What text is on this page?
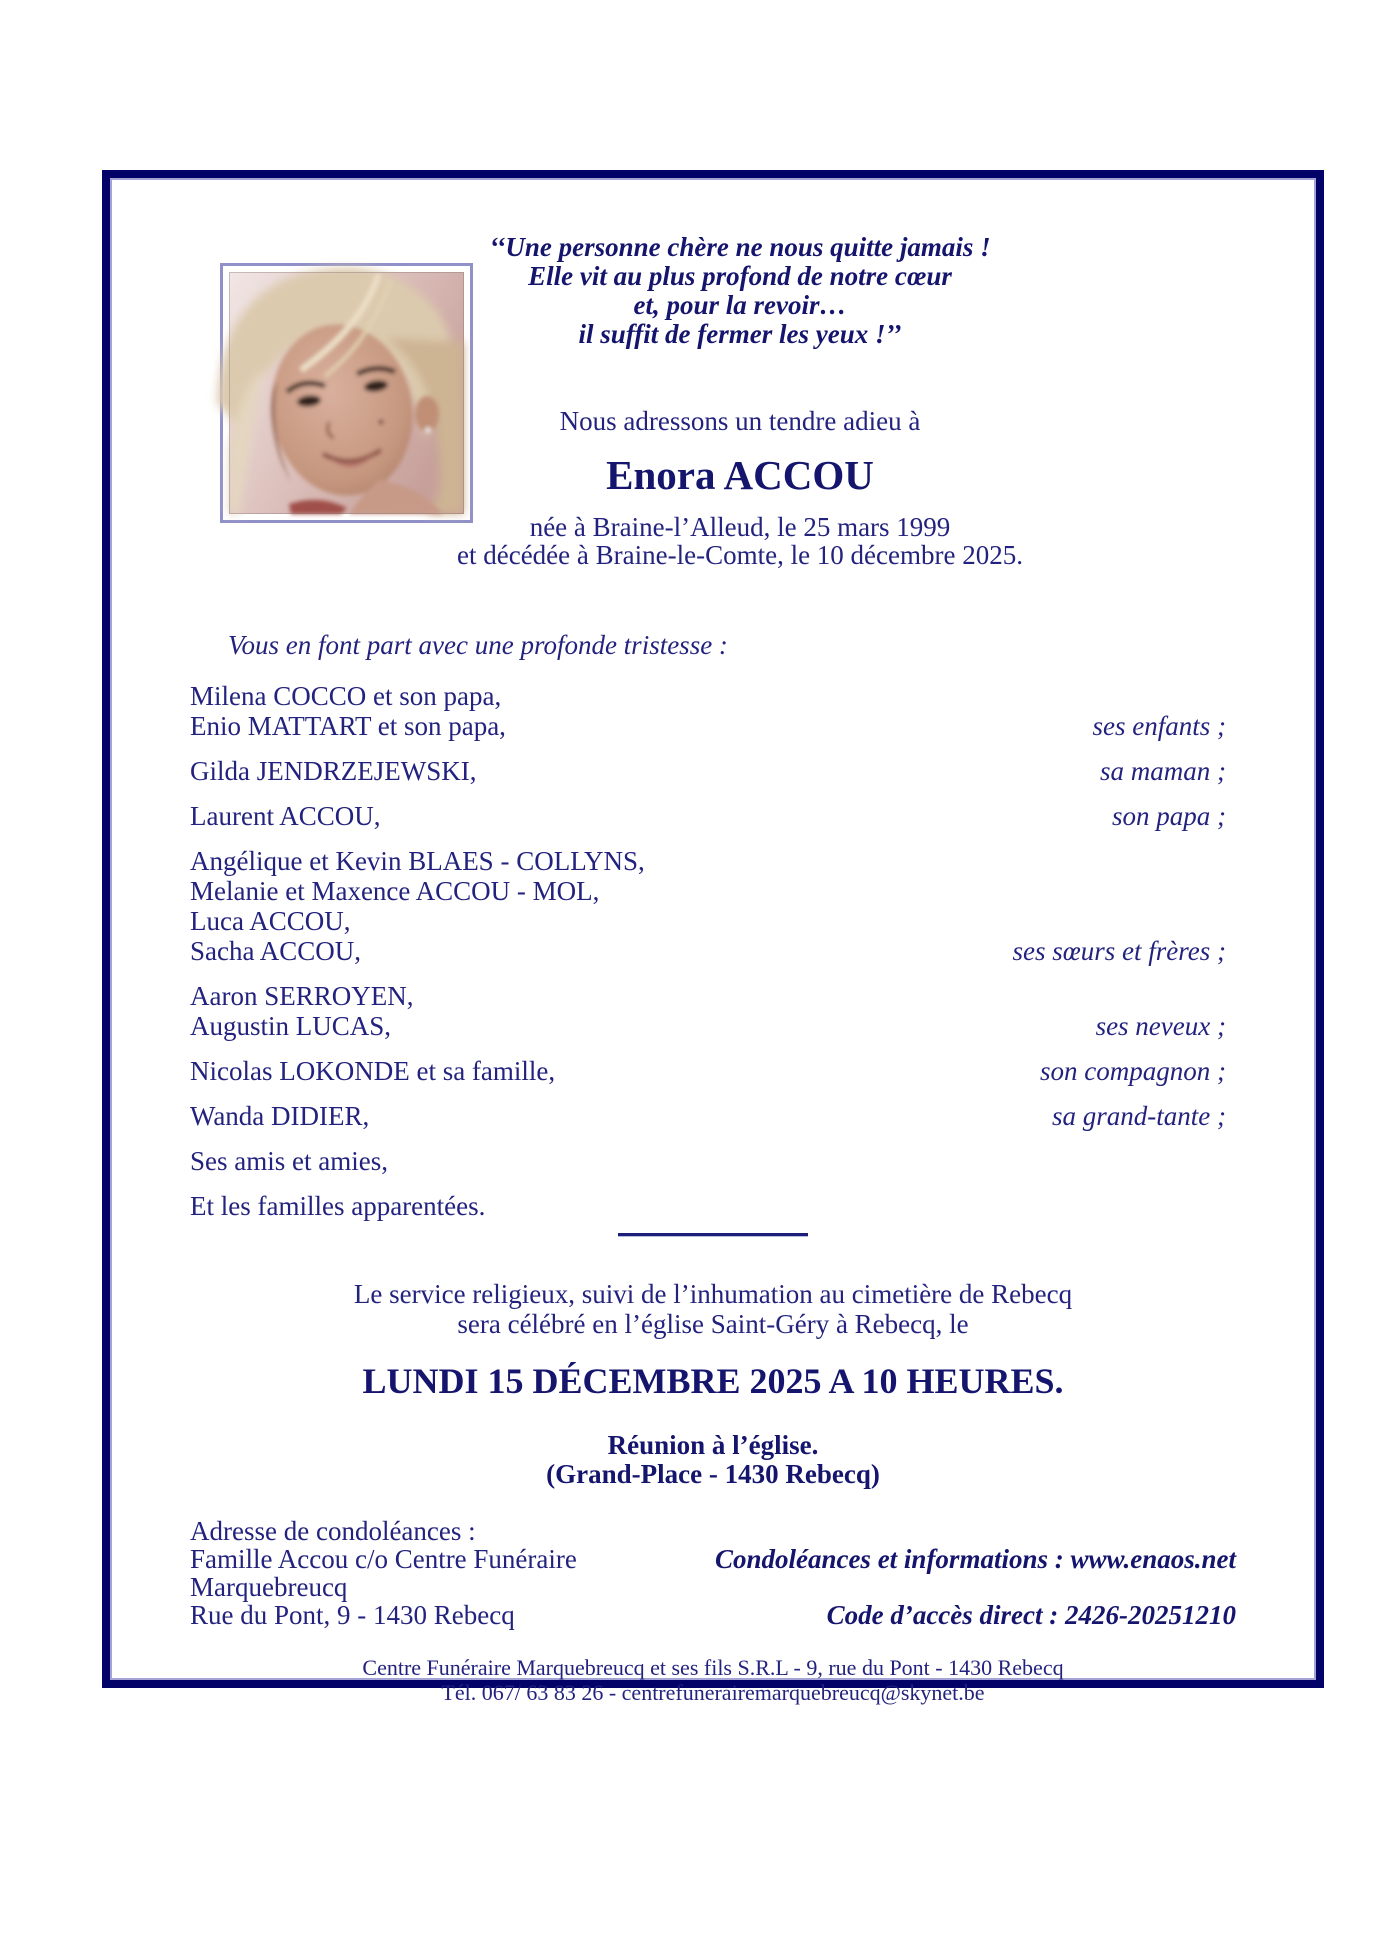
‘‘Une personne chère ne nous quitte jamais !
Elle vit au plus profond de notre cœur
et, pour la revoir…
il suffit de fermer les yeux !’’
Nous adressons un tendre adieu à
Enora ACCOU
née à Braine-l’Alleud, le 25 mars 1999
et décédée à Braine-le-Comte, le 10 décembre 2025.
Vous en font part avec une profonde tristesse :
Milena COCCO et son papa,
Enio MATTART et son papa,	ses enfants ;
Gilda JENDRZEJEWSKI,	sa maman ;
Laurent ACCOU,	son papa ;
Angélique et Kevin BLAES - COLLYNS,
Melanie et Maxence ACCOU - MOL,
Luca ACCOU,
Sacha ACCOU,	ses sœurs et frères ;
Aaron SERROYEN,
Augustin LUCAS,	ses neveux ;
Nicolas LOKONDE et sa famille,	son compagnon ;
Wanda DIDIER,	sa grand-tante ;
Ses amis et amies,
Et les familles apparentées.
Le service religieux, suivi de l’inhumation au cimetière de Rebecq
sera célébré en l’église Saint-Géry à Rebecq, le
LUNDI 15 DÉCEMBRE 2025 A 10 HEURES.
Réunion à l’église.
(Grand-Place - 1430 Rebecq)
Adresse de condoléances :
Famille Accou c/o Centre Funéraire Marquebreucq
Condoléances et informations : www.enaos.net
Rue du Pont, 9 - 1430 Rebecq	Code d’accès direct : 2426-20251210
Centre Funéraire Marquebreucq et ses fils S.R.L - 9, rue du Pont - 1430 Rebecq
Tél. 067/ 63 83 26 - centrefunerairemarquebreucq@skynet.be
